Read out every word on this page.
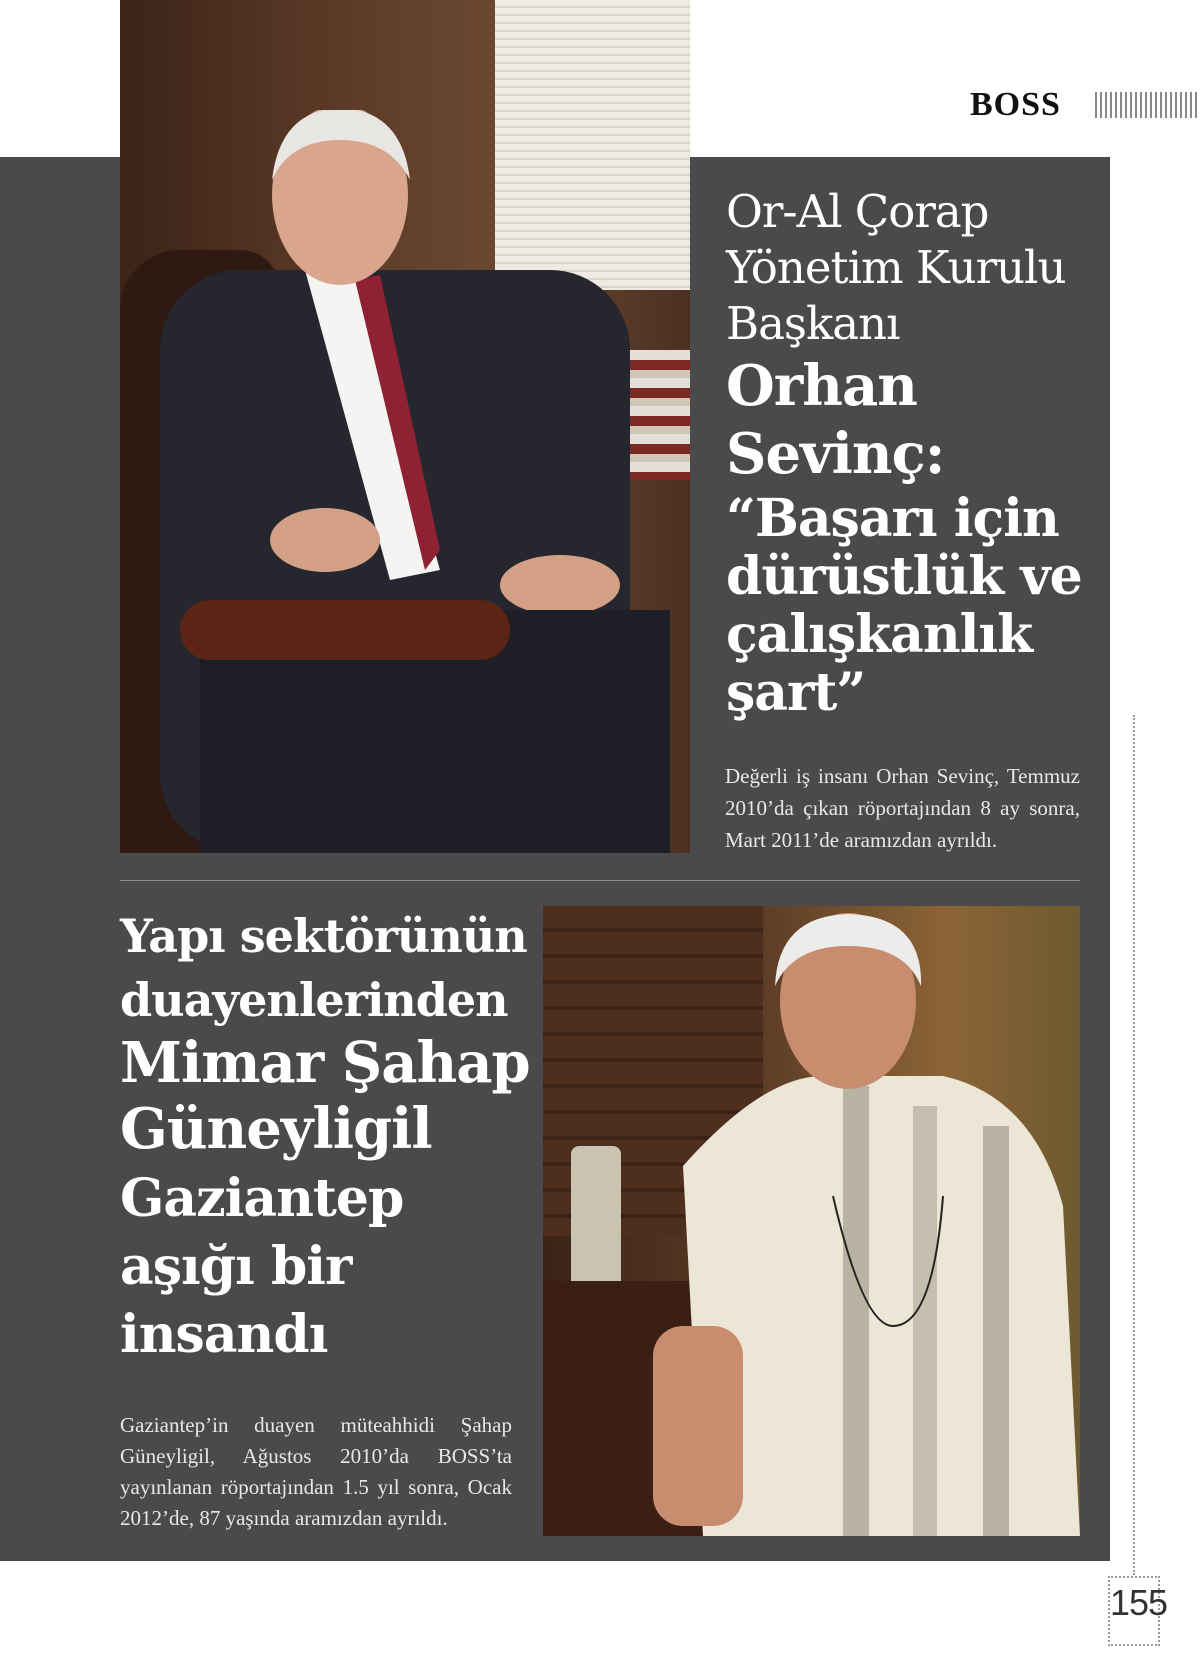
BOSS
Or-Al Çorap
Yönetim Kurulu
Başkanı
Orhan
Sevinç:
“Başarı için
dürüstlük ve
çalışkanlık
şart”

Değerli iş insanı Orhan Sevinç, Temmuz 2010’da çıkan röportajından 8 ay sonra, Mart 2011’de aramızdan ayrıldı.

Yapı sektörünün
duayenlerinden
Mimar Şahap
Güneyligil
Gaziantep
aşığı bir
insandı

Gaziantep’in duayen müteahhidi Şahap Güneyligil, Ağustos 2010’da BOSS’ta yayınlanan röportajından 1.5 yıl sonra, Ocak 2012’de, 87 yaşında aramızdan ayrıldı.

155
